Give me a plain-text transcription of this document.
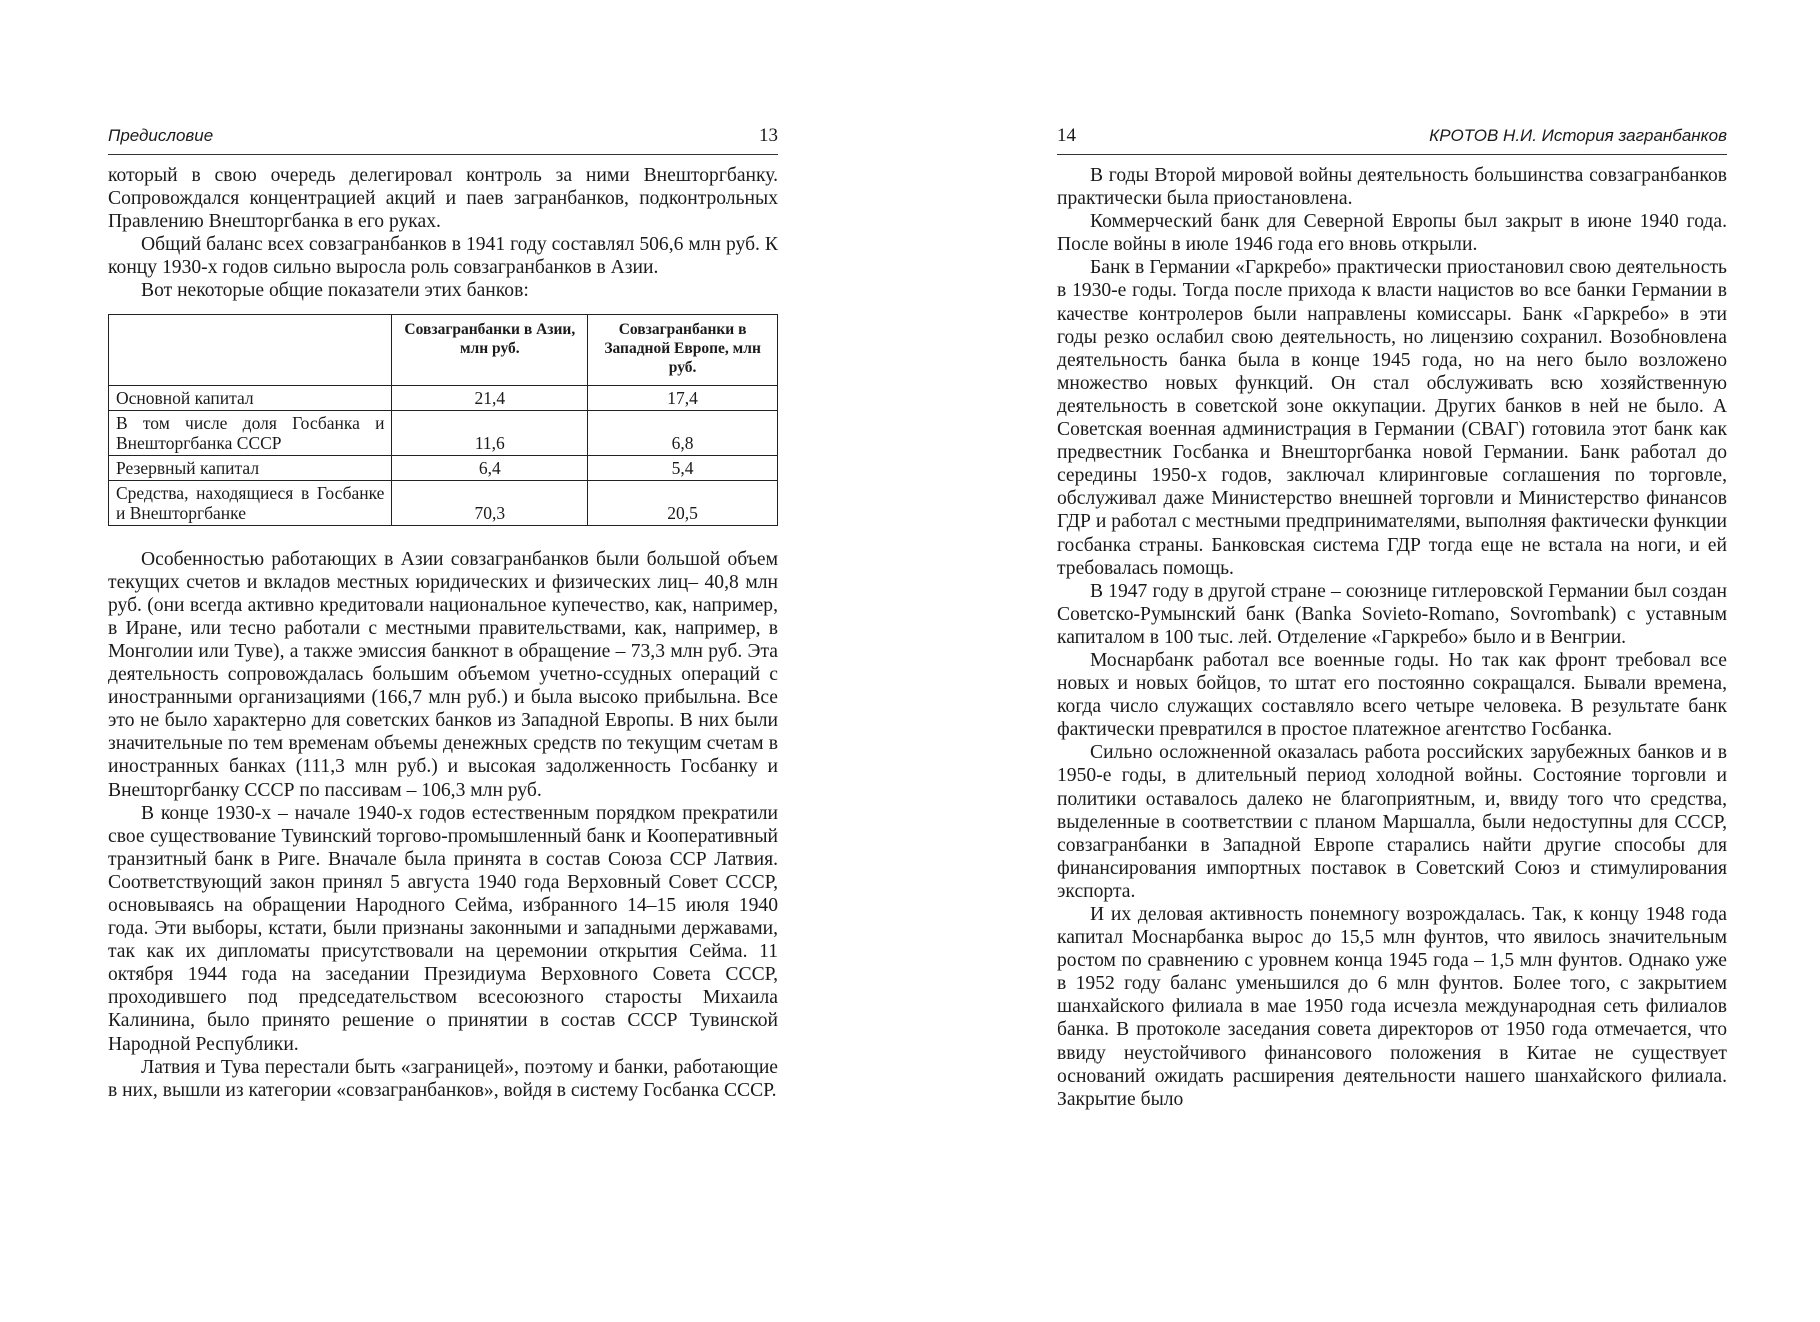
Предисловие	13

который в свою очередь делегировал контроль за ними Внешторгбанку. Сопровождался концентрацией акций и паев загранбанков, подконтрольных Правлению Внешторгбанка в его руках.

Общий баланс всех совзагранбанков в 1941 году составлял 506,6 млн руб. К концу 1930-х годов сильно выросла роль совзагранбанков в Азии.

Вот некоторые общие показатели этих банков:

	Совзагранбанки в Азии, млн руб.	Совзагранбанки в Западной Европе, млн руб.
Основной капитал	21,4	17,4
В том числе доля Госбанка и Внешторгбанка СССР	11,6	6,8
Резервный капитал	6,4	5,4
Средства, находящиеся в Госбанке и Внешторгбанке	70,3	20,5

Особенностью работающих в Азии совзагранбанков были большой объем текущих счетов и вкладов местных юридических и физических лиц– 40,8 млн руб. (они всегда активно кредитовали национальное купечество, как, например, в Иране, или тесно работали с местными правительствами, как, например, в Монголии или Туве), а также эмиссия банкнот в обращение – 73,3 млн руб. Эта деятельность сопровождалась большим объемом учетно-ссудных операций с иностранными организациями (166,7 млн руб.) и была высоко прибыльна. Все это не было характерно для советских банков из Западной Европы. В них были значительные по тем временам объемы денежных средств по текущим счетам в иностранных банках (111,3 млн руб.) и высокая задолженность Госбанку и Внешторгбанку СССР по пассивам – 106,3 млн руб.

В конце 1930-х – начале 1940-х годов естественным порядком прекратили свое существование Тувинский торгово-промышленный банк и Кооперативный транзитный банк в Риге. Вначале была принята в состав Союза ССР Латвия. Соответствующий закон принял 5 августа 1940 года Верховный Совет СССР, основываясь на обращении Народного Сейма, избранного 14–15 июля 1940 года. Эти выборы, кстати, были признаны законными и западными державами, так как их дипломаты присутствовали на церемонии открытия Сейма. 11 октября 1944 года на заседании Президиума Верховного Совета СССР, проходившего под председательством всесоюзного старосты Михаила Калинина, было принято решение о принятии в состав СССР Тувинской Народной Республики.

Латвия и Тува перестали быть «заграницей», поэтому и банки, работающие в них, вышли из категории «совзагранбанков», войдя в систему Госбанка СССР.

14	КРОТОВ Н.И. История загранбанков

В годы Второй мировой войны деятельность большинства совзагранбанков практически была приостановлена.

Коммерческий банк для Северной Европы был закрыт в июне 1940 года. После войны в июле 1946 года его вновь открыли.

Банк в Германии «Гаркребо» практически приостановил свою деятельность в 1930-е годы. Тогда после прихода к власти нацистов во все банки Германии в качестве контролеров были направлены комиссары. Банк «Гаркребо» в эти годы резко ослабил свою деятельность, но лицензию сохранил. Возобновлена деятельность банка была в конце 1945 года, но на него было возложено множество новых функций. Он стал обслуживать всю хозяйственную деятельность в советской зоне оккупации. Других банков в ней не было. А Советская военная администрация в Германии (СВАГ) готовила этот банк как предвестник Госбанка и Внешторгбанка новой Германии. Банк работал до середины 1950-х годов, заключал клиринговые соглашения по торговле, обслуживал даже Министерство внешней торговли и Министерство финансов ГДР и работал с местными предпринимателями, выполняя фактически функции госбанка страны. Банковская система ГДР тогда еще не встала на ноги, и ей требовалась помощь.

В 1947 году в другой стране – союзнице гитлеровской Германии был создан Советско-Румынский банк (Banka Sovieto-Romano, Sovrombank) с уставным капиталом в 100 тыс. лей. Отделение «Гаркребо» было и в Венгрии.

Моснарбанк работал все военные годы. Но так как фронт требовал все новых и новых бойцов, то штат его постоянно сокращался. Бывали времена, когда число служащих составляло всего четыре человека. В результате банк фактически превратился в простое платежное агентство Госбанка.

Сильно осложненной оказалась работа российских зарубежных банков и в 1950-е годы, в длительный период холодной войны. Состояние торговли и политики оставалось далеко не благоприятным, и, ввиду того что средства, выделенные в соответствии с планом Маршалла, были недоступны для СССР, совзагранбанки в Западной Европе старались найти другие способы для финансирования импортных поставок в Советский Союз и стимулирования экспорта.

И их деловая активность понемногу возрождалась. Так, к концу 1948 года капитал Моснарбанка вырос до 15,5 млн фунтов, что явилось значительным ростом по сравнению с уровнем конца 1945 года – 1,5 млн фунтов. Однако уже в 1952 году баланс уменьшился до 6 млн фунтов. Более того, с закрытием шанхайского филиала в мае 1950 года исчезла международная сеть филиалов банка. В протоколе заседания совета директоров от 1950 года отмечается, что ввиду неустойчивого финансового положения в Китае не существует оснований ожидать расширения деятельности нашего шанхайского филиала. Закрытие было
